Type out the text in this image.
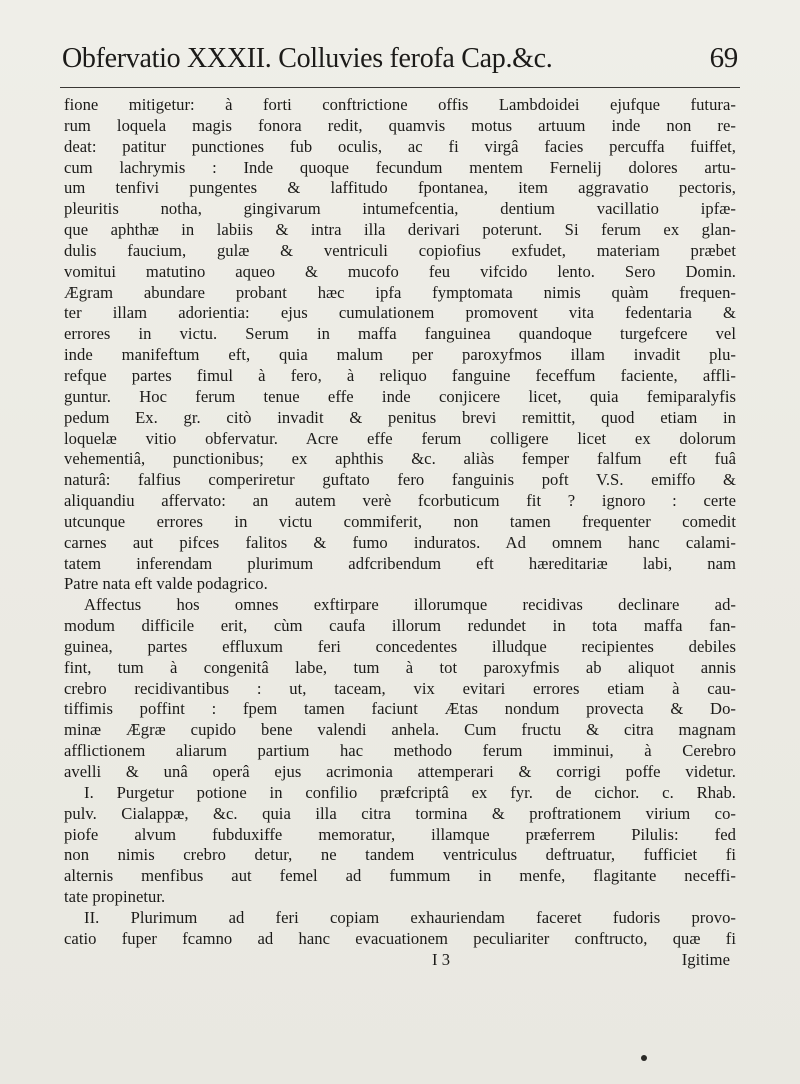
Obfervatio XXXII. Colluvies ferofa Cap.&c.	69
fione mitigetur: à forti conftrictione offis Lambdoidei ejufque futura-
rum loquela magis fonora redit, quamvis motus artuum inde non re-
deat: patitur punctiones fub oculis, ac fi virgâ facies percuffa fuiffet,
cum lachrymis : Inde quoque fecundum mentem Fernelij dolores artu-
um tenfivi pungentes & laffitudo fpontanea, item aggravatio pectoris,
pleuritis notha, gingivarum intumefcentia, dentium vacillatio ipfæ-
que aphthæ in labiis & intra illa derivari poterunt. Si ferum ex glan-
dulis faucium, gulæ & ventriculi copiofius exfudet, materiam præbet
vomitui matutino aqueo & mucofo feu vifcido lento. Sero Domin.
Ægram abundare probant hæc ipfa fymptomata nimis quàm frequen-
ter illam adorientia: ejus cumulationem promovent vita fedentaria &
errores in victu. Serum in maffa fanguinea quandoque turgefcere vel
inde manifeftum eft, quia malum per paroxyfmos illam invadit plu-
refque partes fimul à fero, à reliquo fanguine feceffum faciente, affli-
guntur. Hoc ferum tenue effe inde conjicere licet, quia femiparalyfis
pedum Ex. gr. citò invadit & penitus brevi remittit, quod etiam in
loquelæ vitio obfervatur. Acre effe ferum colligere licet ex dolorum
vehementiâ, punctionibus; ex aphthis &c. aliàs femper falfum eft fuâ
naturâ: falfius comperiretur guftato fero fanguinis poft V.S. emiffo &
aliquandiu affervato: an autem verè fcorbuticum fit ? ignoro : certe
utcunque errores in victu commiferit, non tamen frequenter comedit
carnes aut pifces falitos & fumo induratos. Ad omnem hanc calami-
tatem inferendam plurimum adfcribendum eft hæreditariæ labi, nam
Patre nata eft valde podagrico.
Affectus hos omnes exftirpare illorumque recidivas declinare ad-
modum difficile erit, cùm caufa illorum redundet in tota maffa fan-
guinea, partes effluxum feri concedentes illudque recipientes debiles
fint, tum à congenitâ labe, tum à tot paroxyfmis ab aliquot annis
crebro recidivantibus : ut, taceam, vix evitari errores etiam à cau-
tiffimis poffint : fpem tamen faciunt Ætas nondum provecta & Do-
minæ Ægræ cupido bene valendi anhela. Cum fructu & citra magnam
afflictionem aliarum partium hac methodo ferum imminui, à Cerebro
avelli & unâ operâ ejus acrimonia attemperari & corrigi poffe videtur.
I. Purgetur potione in confilio præfcriptâ ex fyr. de cichor. c. Rhab.
pulv. Cialappæ, &c. quia illa citra tormina & proftrationem virium co-
piofe alvum fubduxiffe memoratur, illamque præferrem Pilulis: fed
non nimis crebro detur, ne tandem ventriculus deftruatur, fufficiet fi
alternis menfibus aut femel ad fummum in menfe, flagitante neceffi-
tate propinetur.
II. Plurimum ad feri copiam exhauriendam faceret fudoris provo-
catio fuper fcamno ad hanc evacuationem peculiariter conftructo, quæ fi
I 3	Igitime
